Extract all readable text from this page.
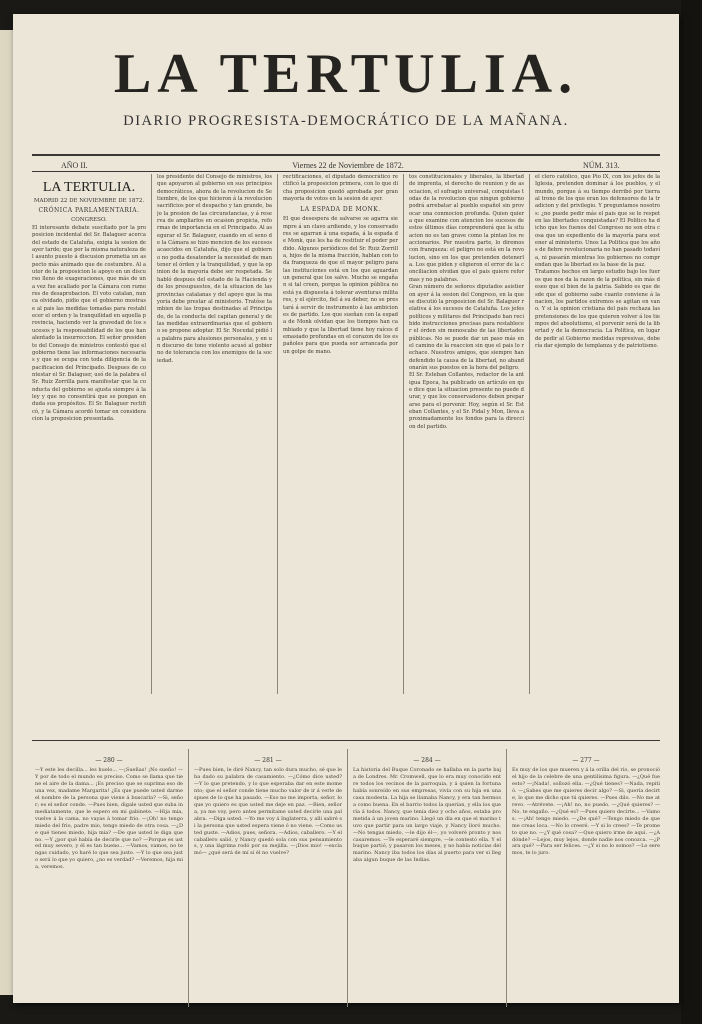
LA TERTULIA.
DIARIO PROGRESISTA-DEMOCRÁTICO DE LA MAÑANA.
AÑO II.	Viernes 22 de Noviembre de 1872.	NÚM. 313.
LA TERTULIA.
MADRID 22 DE NOVIEMBRE DE 1872.
CRÓNICA PARLAMENTARIA.
CONGRESO.

El interesante debate suscitado por la proposicion incidental del Sr. Balaguer acerca del estado de Cataluña, exigia la sesion de ayer tarde; que por la misma naturaleza del asunto puesto á discusion prometia un aspecto más animado que de costumbre. Al autor de la proposicion le apoyo en un discurso lleno de exageraciones, que más de una vez fue acallado por la Cámara con rumores de desaprobacion. El voto catalan, nunca olvidado, pidio que el gobierno mostrase al pais las medidas tomadas para restablecer el orden y la tranquilidad en aquella provincia, haciendo ver la gravedad de los sucesos y la responsabilidad de los que han alentado la insurreccion. El señor presidente del Consejo de ministros contestó que el gobierno tiene las informaciones necesarias y que se ocupa con toda diligencia de la pacificacion del Principado. Despues de contestar el Sr. Balaguer, usó de la palabra el Sr. Ruiz Zorrilla para manifestar que la conducta del gobierno se ajusta siempre á la ley y que no consentirá que se pongan en duda sus propósitos. El Sr. Balaguer rectificó, y la Cámara acordó tomar en consideracion la proposicion presentada.

los presidente del Consejo de ministros, los que apoyaron al gobierno en sus principios democráticos, ahora de la revolucion de Setiembre, de los que hicieron á la revolucion sacrificios por el despacho y tan grande, bajo la presion de las circunstancias, y á reserva de ampliarlos en ocasion propicia, reformas de importancia en el Principado. Al asegurar el Sr. Balaguer, cuando en el seno de la Cámara se hizo mencion de los sucesos acaecidos en Cataluña, dijo que el gobierno no podia desatender la necesidad de mantener el órden y la tranquilidad, y que la opinion de la mayoria debe ser respetada. Se habló despues del estado de la Hacienda y de los presupuestos, de la situacion de las provincias catalanas y del apoyo que la mayoria debe prestar al ministerio. Tratóse tambien de las tropas destinadas al Principado, de la conducta del capitan general y de las medidas extraordinarias que el gobierno se propone adoptar. El Sr. Nocedal pidió la palabra para alusiones personales, y en un discurso de tono violento acusó al gobierno de tolerancia con los enemigos de la sociedad.

rectificaciones, el diputado democrático rectificó la proposicion primera, con lo que dicha proposicion quedó aprobada por gran mayoria de votos en la sesion de ayer.

LA ESPADA DE MONK.

El que desespera de salvarse se agarra siempre á un clavo ardiendo, y los conservadores se agarran á una espada, á la espada de Monk, que les ha de restituir el poder perdido. Algunos periódicos del Sr. Ruiz Zorrilla, hijos de la misma fracción, hablan con toda franqueza de que el mayor peligro para las instituciones está en los que aguardan un general que los salve. Mucho se engañan si tal creen, porque la opinion pública no está ya dispuesta á tolerar aventuras militares, y el ejército, fiel á su deber, no se prestará á servir de instrumento á las ambiciones de partido. Los que sueñan con la espada de Monk olvidan que los tiempos han cambiado y que la libertad tiene hoy raíces demasiado profundas en el corazon de los españoles para que pueda ser arrancada por un golpe de mano.

tos constitucionales y liberales, la libertad de imprenta, el derecho de reunion y de asociacion, el sufragio universal, conquistas todas de la revolucion que ningun gobierno podrá arrebatar al pueblo español sin provocar una conmocion profunda. Quien quiera que examine con atencion los sucesos de estos últimos días comprenderá que la situacion no es tan grave como la pintan los reaccionarios. Por nuestra parte, lo diremos con franqueza: el peligro no está en la revolucion, sino en los que pretenden detenerla. Los que piden y eligieron el error de la conciliacion olvidan que el pais quiere reformas y no palabras.

Gran número de señores diputados asistieron ayer á la sesion del Congreso, en la que se discutió la proposicion del Sr. Balaguer relativa á los sucesos de Cataluña. Los jefes políticos y militares del Principado han recibido instrucciones precisas para restablecer el órden sin menoscabo de las libertades públicas. No se puede dar un paso más en el camino de la reaccion sin que el pais lo rechace. Nuestros amigos, que siempre han defendido la causa de la libertad, no abandonarán sus puestos en la hora del peligro.

El Sr. Esteban Collantes, redactor de la antigua Epoca, ha publicado un artículo en que dice que la situacion presente no puede durar, y que los conservadores deben prepararse para el porvenir. Hoy, según el Sr. Esteban Collantes, y el Sr. Pidal y Mon, lleva aproximadamente los fondos para la direccion del partido.

el clero católico, que Pio IX, con los jefes de la Iglesia, pretenden dominar á los pueblos, y el mundo, porque á su tiempo derribó por tierra al trono de los que eran los defensores de la tradicion y del privilegio. Y preguntamos nosotros: ¿no puede pedir más el pais que se le respeten las libertades conquistadas? El Politico ha dicho que los fuenos del Congreso no son otra cosa que un expediente de la mayoría para sostener al ministerio. Unos La Politica que los años de fiebre revolucionaria no han pasado todavía, ni pasarán mientras los gobiernos no comprendan que la libertad es la base de la paz.

Tratamos hechos en largo estudio bajo los fueros que nos da la razon de la politica, sin más deseo que el bien de la patria. Sabido es que desde que el gobierno sabe cuanto conviene á la nacion, los partidos extremos se agitan en vano. Y si la opinion cristiana del pais rechaza las pretensiones de los que quieren volver á los tiempos del absolutismo, el porvenir será de la libertad y de la democracia. La Politica, en lugar de pedir al Gobierno medidas represivas, debería dar ejemplo de templanza y de patriotismo.

— 280 —

—Y este les decilla... les huelo... —¡Sueñas! ¡No sueño! —Y por de todo el mundo es preciso. Como se llama que tiene el aire de la dama... ¡Es preciso que se suprima eso de una vez, madame Margarita! ¿Es que puede usted darme el nombre de la persona que viene á buscarla? —Si, señor; es el señor conde. —Pues bien, digale usted que suba inmediatamente, que le espero en mi gabinete. —Hija mia, vuelve á la cama, no vayas á tomar frio. —¡Oh! no tengo miedo del frio, padre mio, tengo miedo de otra cosa. —¿De qué tienes miedo, hija mia? —De que usted le diga que no. —Y ¿por qué había de decirle que no? —Porque es usted muy severo, y él es tan bueno... —Vamos, vamos, no tengas cuidado, yo haré lo que sea justo. —Y lo que sea justo será lo que yo quiero, ¿no es verdad? —Veremos, hija mia, veremos.

— 281 —

—Pues bien, le diré Nancy, tan solo dura mucho, sé que le ha dado su palabra de casamiento. —¿Cómo dice usted? —Y lo que pretendo, y lo que esperaba dar en este momento; que el señor conde tiene mucho valor de ir á verle despues de lo que ha pasado. —Eso no me importa, señor, lo que yo quiero es que usted me deje en paz. —Bien, señora, ya me voy, pero antes permitame usted decirle una palabra. —Diga usted. —Yo me voy á Inglaterra, y alli sabré si la persona que usted espera viene ó no viene. —Como usted guste. —Adios, pues, señora. —Adios, caballero. —Y el caballero salió, y Nancy quedó sola con sus pensamientos, y una lágrima rodó por su mejilla. —¡Dios mio! —exclamó— ¿qué será de mí si él no vuelve?

— 284 —

La historia del Buque Coronado se hallaba en la parte baja de Londres. Mr. Cromwell, que lo era muy conocido entre todos los vecinos de la parroquia, y á quien la fortuna había sonreído en sus empresas, vivía con su hija en una casa modesta. La hija se llamaba Nancy, y era tan hermosa como buena. En el barrio todos la querían, y ella los quería á todos. Nancy, que tenía diez y ocho años, estaba prometida á un joven marino. Llegó un día en que el marino tuvo que partir para un largo viaje, y Nancy lloró mucho. —No tengas miedo, —le dijo él—, yo volveré pronto y nos casaremos. —Te esperaré siempre, —le contestó ella. Y el buque partió, y pasaron los meses, y no había noticias del marino. Nancy iba todos los días al puerto para ver si llegaba algun buque de las Indias.

— 277 —

Es muy de los que mueren y á la orilla del río, se pronoció el hijo de la celebre de una gentilísima figura. —¿Qué fue esto? —¡Nada!, sollozó ella. —¿Qué tienes? —Nada, repitió. —¿Sabes que me quieres decir algo? —Si, quería decirte, lo que me dicho que tú quieres. —Pues dilo. —No me atrevo. —Atrévete. —¡Ah! no, no puedo. —¿Qué quieres? —No, te engaño. —¿Qué es? —Pues quiero decirte... —Vamos. —¡Ah! tengo miedo. —¿De qué? —Tengo miedo de que me creas loca. —No lo creeré. —Y si lo crees? —Te prometo que no. —¿Y qué cosa? —Que quiero irme de aquí. —¿Adónde? —Lejos, muy lejos, donde nadie nos conozca. —¿Para qué? —Para ser felices. —¿Y si no lo somos? —Lo seremos, te lo juro.
